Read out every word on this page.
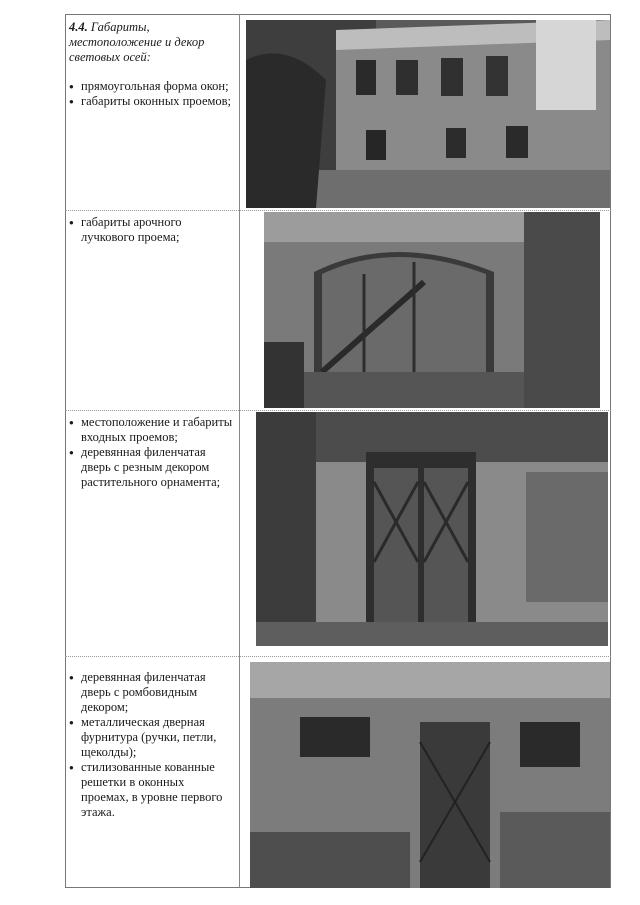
4.4. Габариты, местоположение и декор световых осей:

● прямоугольная форма окон;
● габариты оконных проемов;
● габариты арочного лучкового проема;
● местоположение и габариты входных проемов;
● деревянная филенчатая дверь с резным декором растительного орнамента;
● деревянная филенчатая дверь с ромбовидным декором;
● металлическая дверная фурнитура (ручки, петли, щеколды);
● стилизованные кованные решетки в оконных проемах, в уровне первого этажа.
